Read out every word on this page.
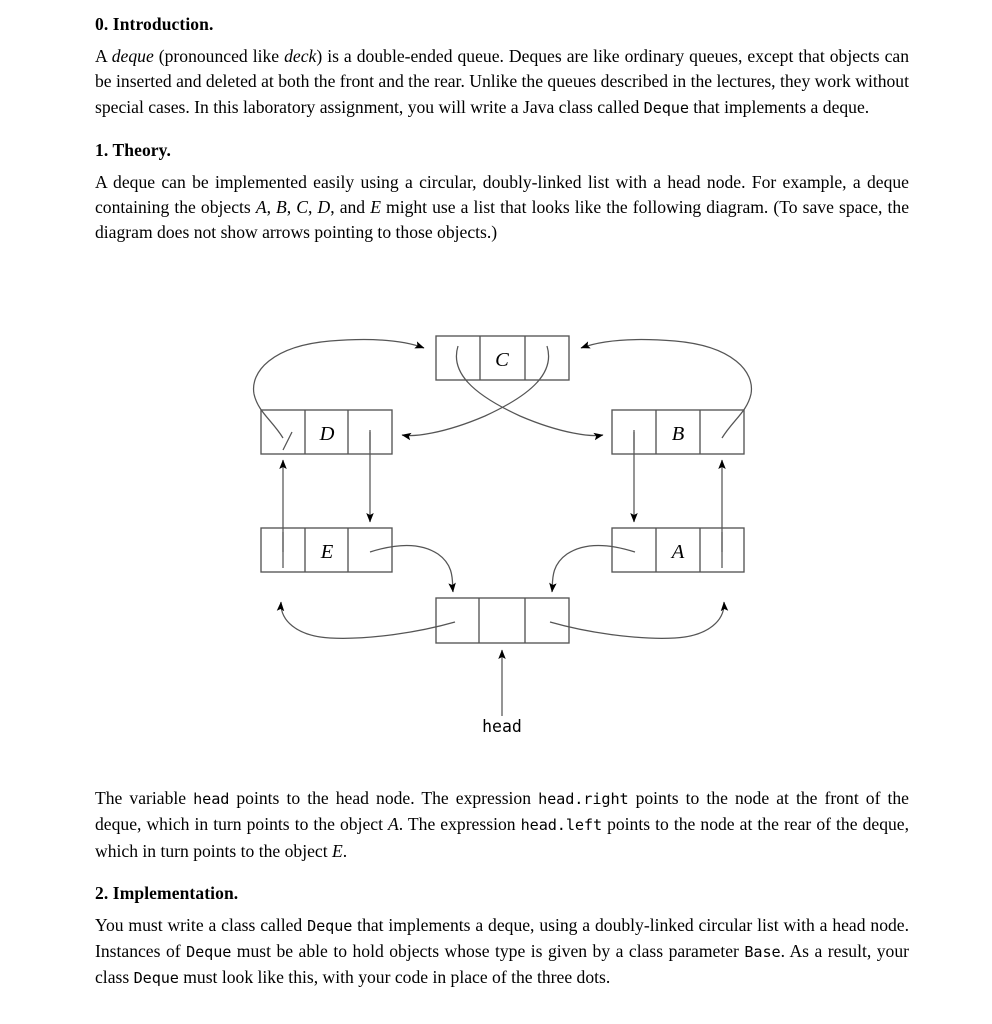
0. Introduction.

A deque (pronounced like deck) is a double-ended queue. Deques are like ordinary queues, except that objects can be inserted and deleted at both the front and the rear. Unlike the queues described in the lectures, they work without special cases. In this laboratory assignment, you will write a Java class called Deque that implements a deque.

1. Theory.

A deque can be implemented easily using a circular, doubly-linked list with a head node. For example, a deque containing the objects A, B, C, D, and E might use a list that looks like the following diagram. (To save space, the diagram does not show arrows pointing to those objects.)

C
D	B
E	A
head

The variable head points to the head node. The expression head.right points to the node at the front of the deque, which in turn points to the object A. The expression head.left points to the node at the rear of the deque, which in turn points to the object E.

2. Implementation.

You must write a class called Deque that implements a deque, using a doubly-linked circular list with a head node. Instances of Deque must be able to hold objects whose type is given by a class parameter Base. As a result, your class Deque must look like this, with your code in place of the three dots.
